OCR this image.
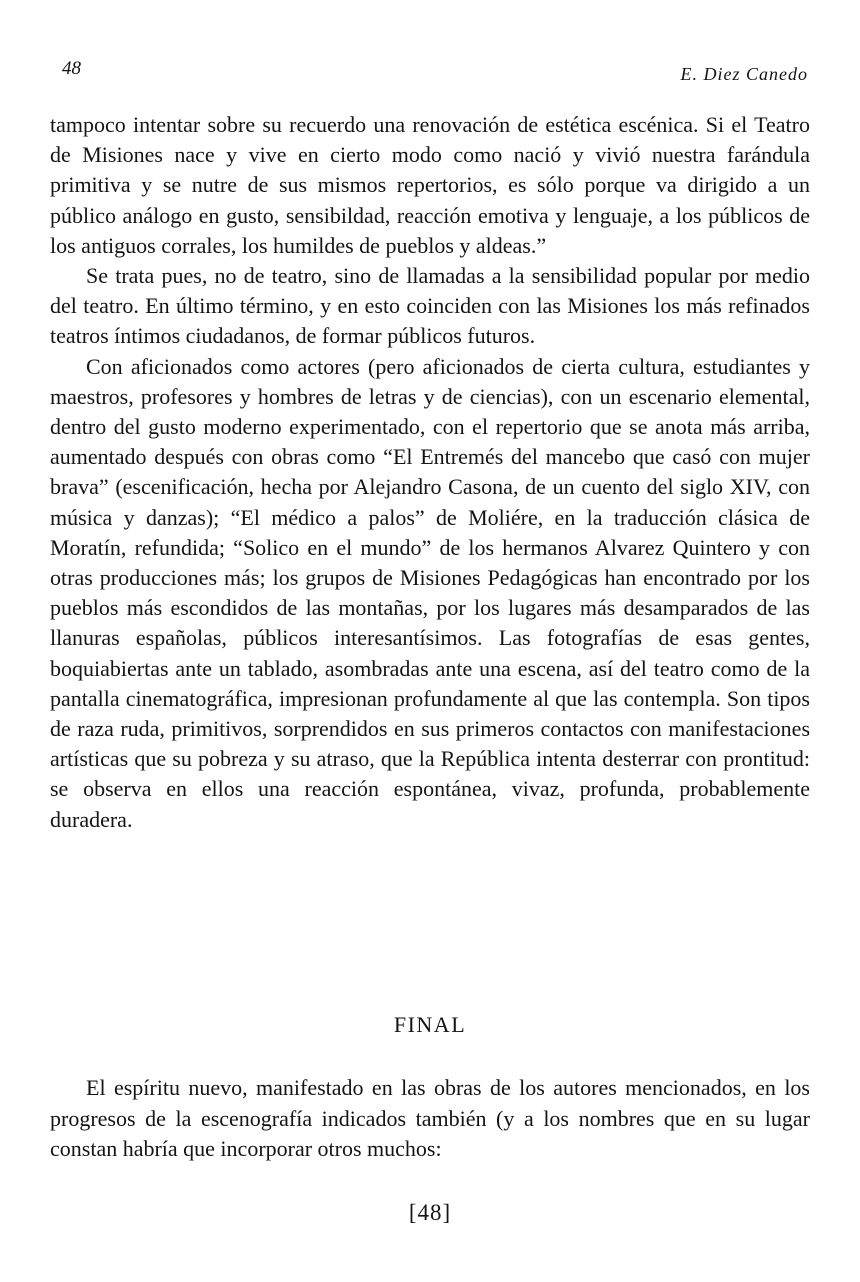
48	E. Diez Canedo

tampoco intentar sobre su recuerdo una renovación de estética escénica. Si el Teatro de Misiones nace y vive en cierto modo como nació y vivió nuestra farándula primitiva y se nutre de sus mismos repertorios, es sólo porque va dirigido a un público análogo en gusto, sensibildad, reacción emotiva y lenguaje, a los públicos de los antiguos corrales, los humildes de pueblos y aldeas.”

Se trata pues, no de teatro, sino de llamadas a la sensibilidad popular por medio del teatro. En último término, y en esto coinciden con las Misiones los más refinados teatros íntimos ciudadanos, de formar públicos futuros.

Con aficionados como actores (pero aficionados de cierta cultura, estudiantes y maestros, profesores y hombres de letras y de ciencias), con un escenario elemental, dentro del gusto moderno experimentado, con el repertorio que se anota más arriba, aumentado después con obras como “El Entremés del mancebo que casó con mujer brava” (escenificación, hecha por Alejandro Casona, de un cuento del siglo XIV, con música y danzas); “El médico a palos” de Moliére, en la traducción clásica de Moratín, refundida; “Solico en el mundo” de los hermanos Alvarez Quintero y con otras producciones más; los grupos de Misiones Pedagógicas han encontrado por los pueblos más escondidos de las montañas, por los lugares más desamparados de las llanuras españolas, públicos interesantísimos. Las fotografías de esas gentes, boquiabiertas ante un tablado, asombradas ante una escena, así del teatro como de la pantalla cinematográfica, impresionan profundamente al que las contempla. Son tipos de raza ruda, primitivos, sorprendidos en sus primeros contactos con manifestaciones artísticas que su pobreza y su atraso, que la República intenta desterrar con prontitud: se observa en ellos una reacción espontánea, vivaz, profunda, probablemente duradera.

FINAL

El espíritu nuevo, manifestado en las obras de los autores mencionados, en los progresos de la escenografía indicados también (y a los nombres que en su lugar constan habría que incorporar otros muchos:

[48]
